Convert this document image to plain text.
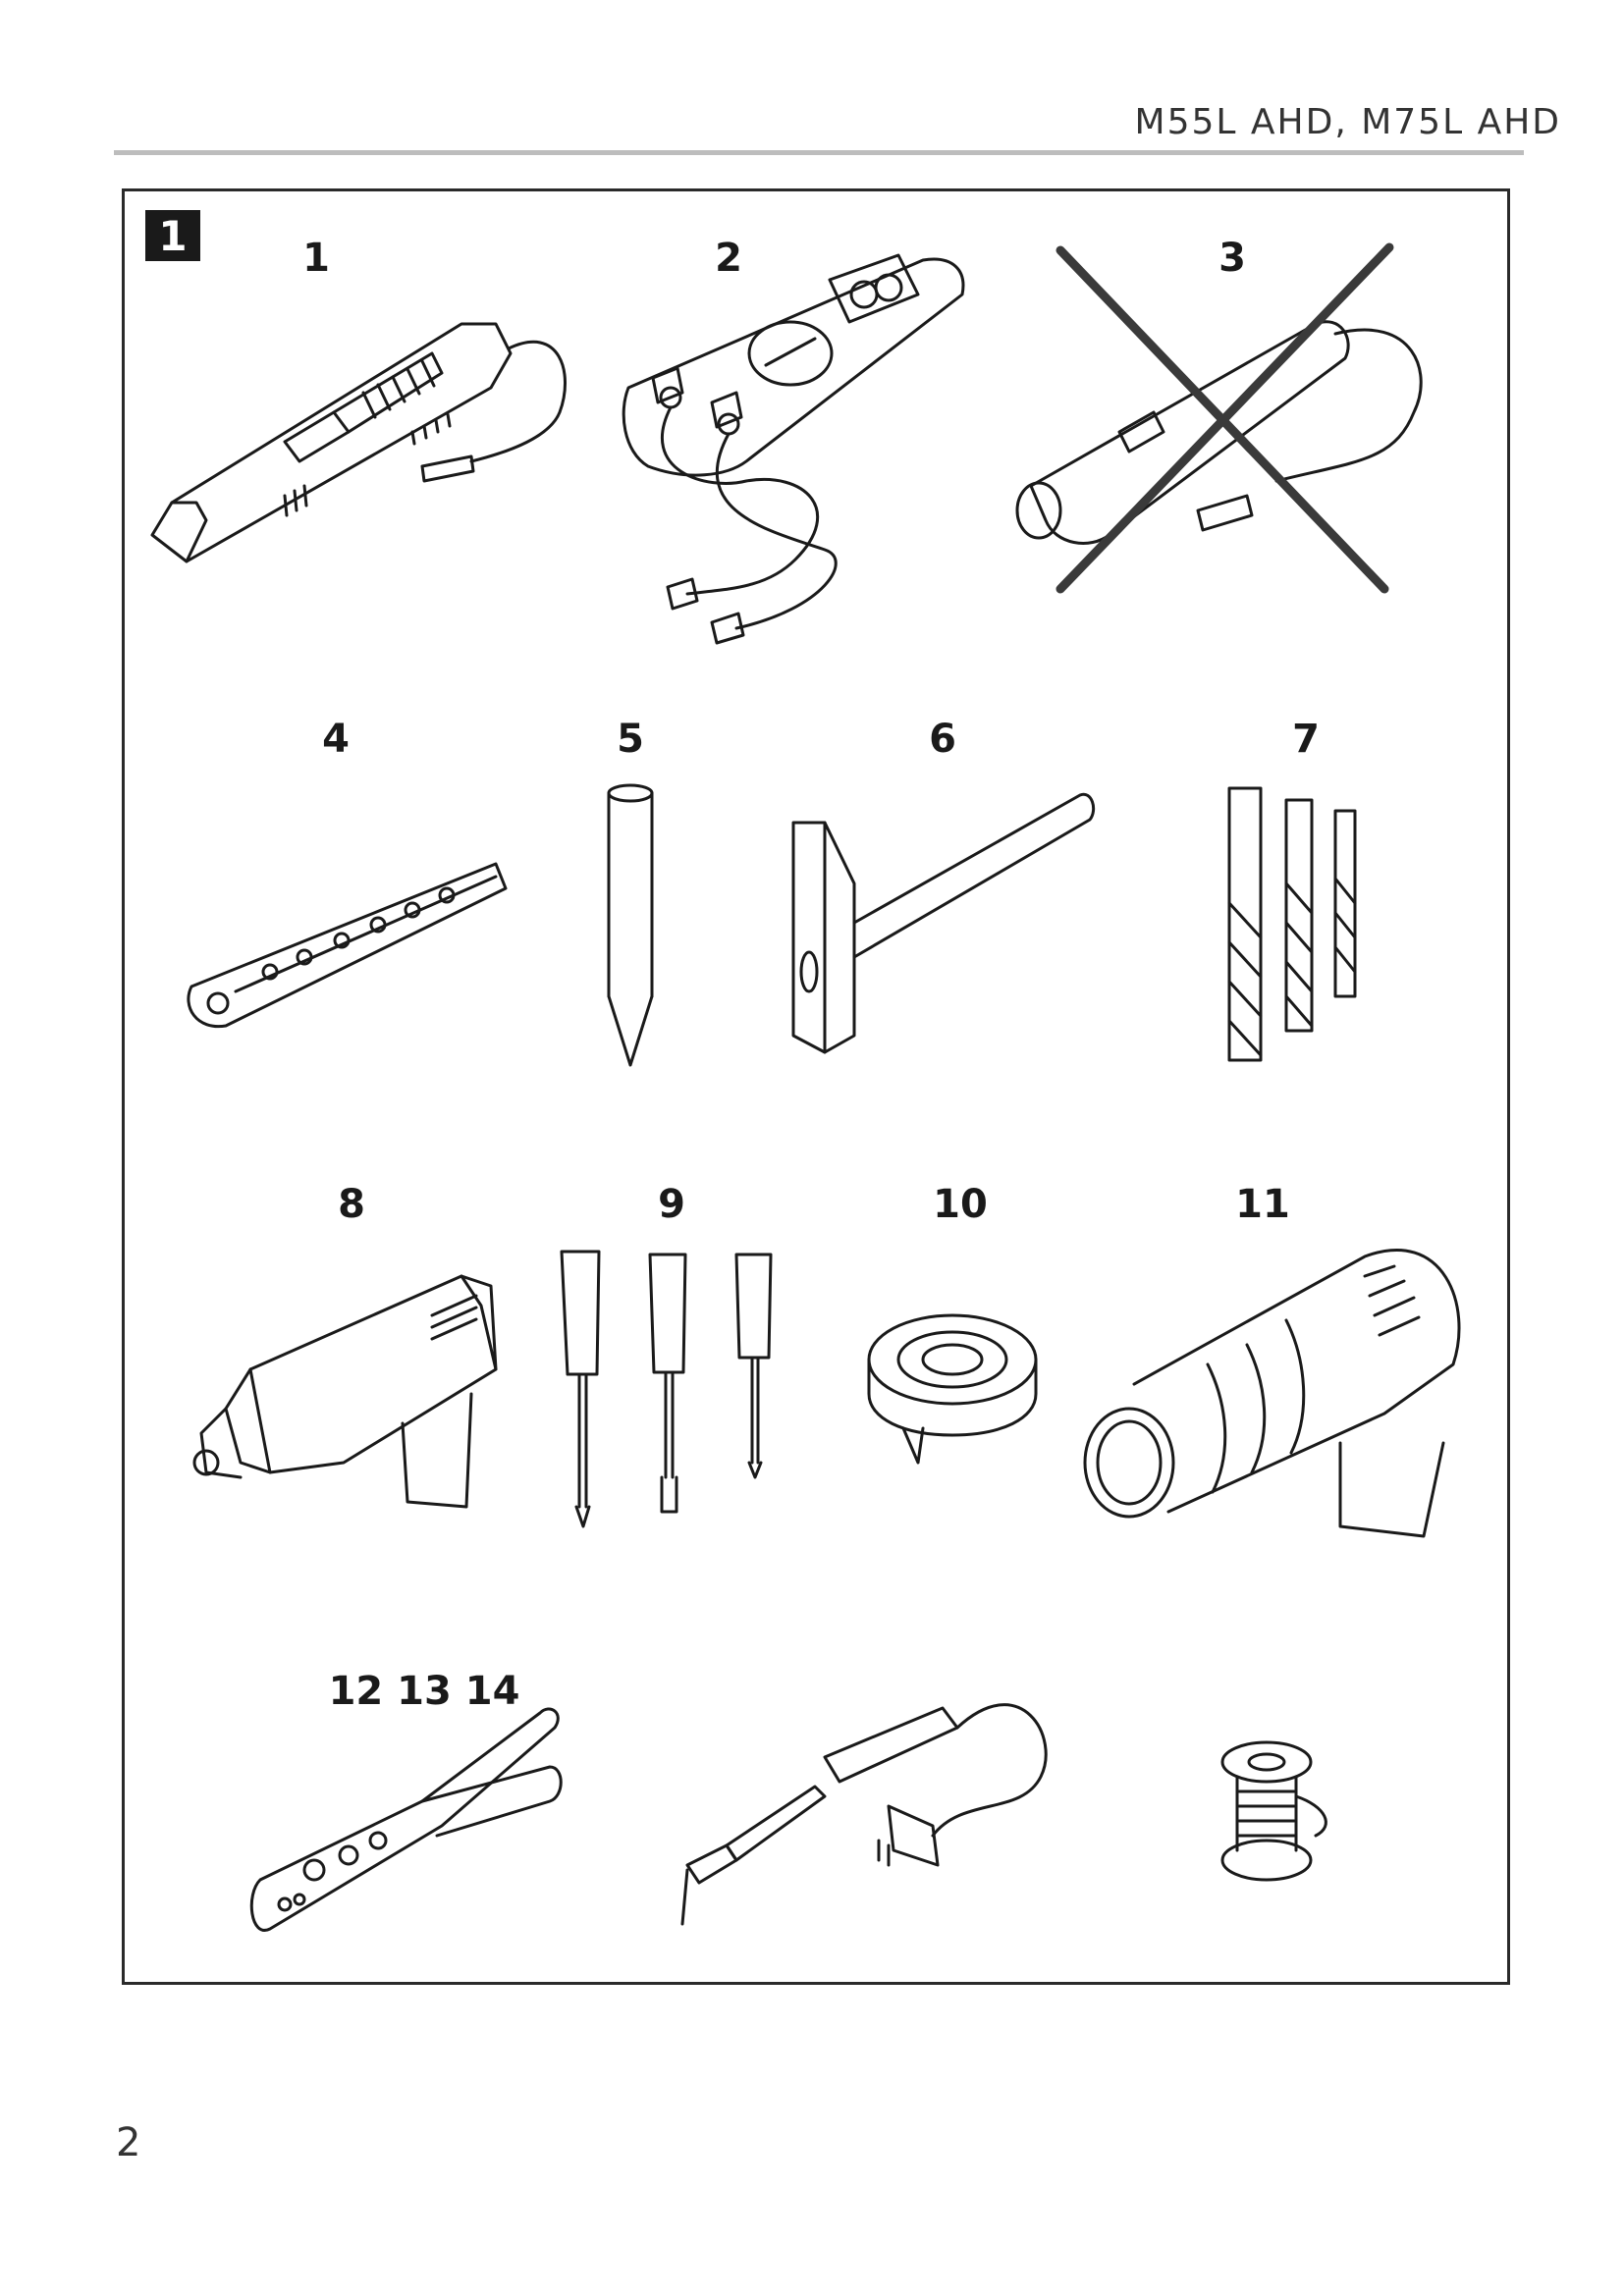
M55L AHD, M75L AHD
1	1	2	3
4	5	6	7
8	9	10	11
12 13 14
2
